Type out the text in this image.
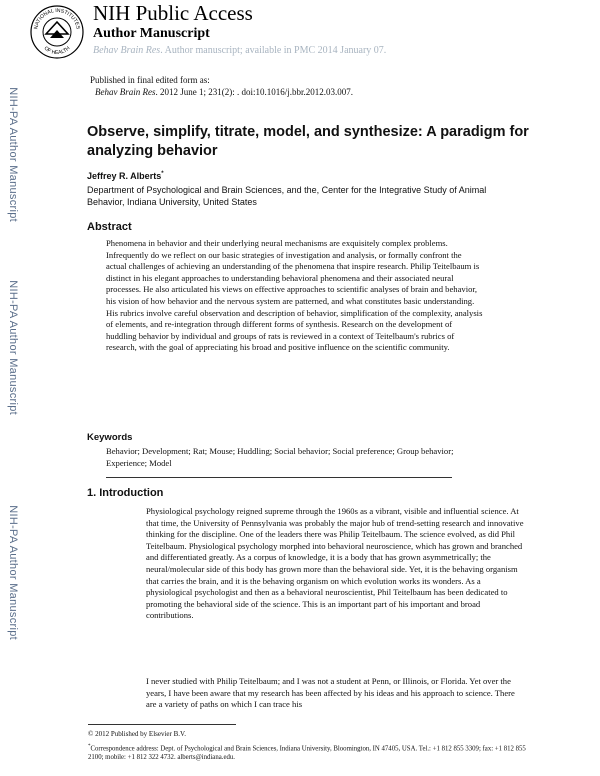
NATIONAL INSTITUTES
OF HEALTH
NIH Public Access
Author Manuscript
Behav Brain Res. Author manuscript; available in PMC 2014 January 07.
Published in final edited form as:
Behav Brain Res. 2012 June 1; 231(2): . doi:10.1016/j.bbr.2012.03.007.
NIH-PA Author Manuscript
NIH-PA Author Manuscript
NIH-PA Author Manuscript
Observe, simplify, titrate, model, and synthesize: A paradigm for analyzing behavior
Jeffrey R. Alberts*
Department of Psychological and Brain Sciences, and the, Center for the Integrative Study of Animal Behavior, Indiana University, United States
Abstract
Phenomena in behavior and their underlying neural mechanisms are exquisitely complex problems. Infrequently do we reflect on our basic strategies of investigation and analysis, or formally confront the actual challenges of achieving an understanding of the phenomena that inspire research. Philip Teitelbaum is distinct in his elegant approaches to understanding behavioral phenomena and their associated neural processes. He also articulated his views on effective approaches to scientific analyses of brain and behavior, his vision of how behavior and the nervous system are patterned, and what constitutes basic understanding. His rubrics involve careful observation and description of behavior, simplification of the complexity, analysis of elements, and re-integration through different forms of synthesis. Research on the development of huddling behavior by individual and groups of rats is reviewed in a context of Teitelbaum's rubrics of research, with the goal of appreciating his broad and positive influence on the scientific community.
Keywords
Behavior; Development; Rat; Mouse; Huddling; Social behavior; Social preference; Group behavior; Experience; Model
1. Introduction
Physiological psychology reigned supreme through the 1960s as a vibrant, visible and influential science. At that time, the University of Pennsylvania was probably the major hub of trend-setting research and innovative thinking for the discipline. One of the leaders there was Philip Teitelbaum. The science evolved, as did Phil Teitelbaum. Physiological psychology morphed into behavioral neuroscience, which has grown and branched and differentiated greatly. As a corpus of knowledge, it is a body that has grown asymmetrically; the neural/molecular side of this body has grown more than the behavioral side. Yet, it is the behaving organism that carries the brain, and it is the behaving organism on which evolution works its wonders. As a physiological psychologist and then as a behavioral neuroscientist, Phil Teitelbaum has been dedicated to promoting the behavioral side of the science. This is an important part of his important and broad contributions.
I never studied with Philip Teitelbaum; and I was not a student at Penn, or Illinois, or Florida. Yet over the years, I have been aware that my research has been affected by his ideas and his approach to science. There are a variety of paths on which I can trace his
© 2012 Published by Elsevier B.V.
*Correspondence address: Dept. of Psychological and Brain Sciences, Indiana University, Bloomington, IN 47405, USA. Tel.: +1 812 855 3309; fax: +1 812 855 2100; mobile: +1 812 322 4732. alberts@indiana.edu.
